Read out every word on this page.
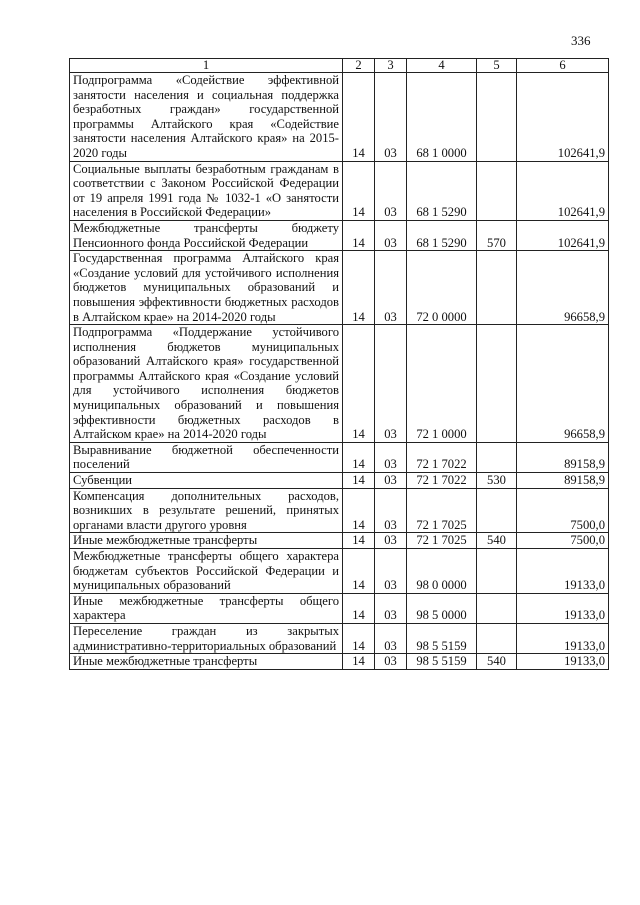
336
1	2	3	4	5	6
Подпрограмма «Содействие эффективной занятости населения и социальная поддержка безработных граждан» государственной программы Алтайского края «Содействие занятости населения Алтайского края» на 2015-2020 годы	14	03	68 1 0000		102641,9
Социальные выплаты безработным гражданам в соответствии с Законом Российской Федерации от 19 апреля 1991 года № 1032-1 «О занятости населения в Российской Федерации»	14	03	68 1 5290		102641,9
Межбюджетные трансферты бюджету Пенсионного фонда Российской Федерации	14	03	68 1 5290	570	102641,9
Государственная программа Алтайского края «Создание условий для устойчивого исполнения бюджетов муниципальных образований и повышения эффективности бюджетных расходов в Алтайском крае» на 2014-2020 годы	14	03	72 0 0000		96658,9
Подпрограмма «Поддержание устойчивого исполнения бюджетов муниципальных образований Алтайского края» государственной программы Алтайского края «Создание условий для устойчивого исполнения бюджетов муниципальных образований и повышения эффективности бюджетных расходов в Алтайском крае» на 2014-2020 годы	14	03	72 1 0000		96658,9
Выравнивание бюджетной обеспеченности поселений	14	03	72 1 7022		89158,9
Субвенции	14	03	72 1 7022	530	89158,9
Компенсация дополнительных расходов, возникших в результате решений, принятых органами власти другого уровня	14	03	72 1 7025		7500,0
Иные межбюджетные трансферты	14	03	72 1 7025	540	7500,0
Межбюджетные трансферты общего характера бюджетам субъектов Российской Федерации и муниципальных образований	14	03	98 0 0000		19133,0
Иные межбюджетные трансферты общего характера	14	03	98 5 0000		19133,0
Переселение граждан из закрытых административно-территориальных образований	14	03	98 5 5159		19133,0
Иные межбюджетные трансферты	14	03	98 5 5159	540	19133,0
